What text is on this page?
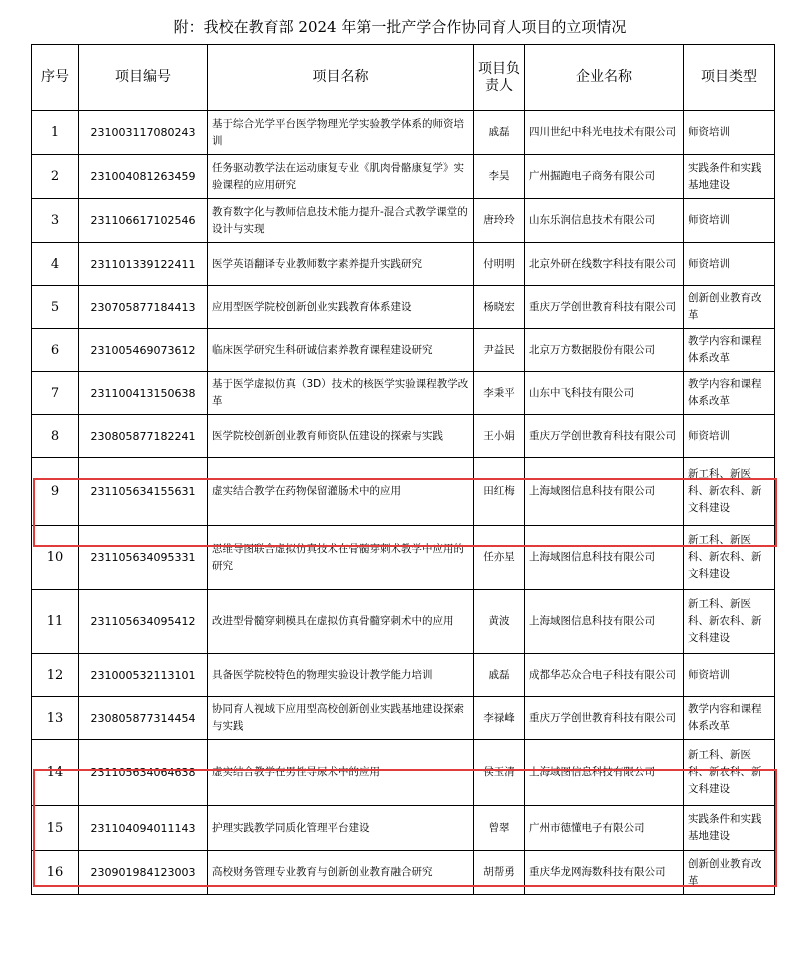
附：我校在教育部 2024 年第一批产学合作协同育人项目的立项情况
序号	项目编号	项目名称	项目负责人	企业名称	项目类型
1	231003117080243	基于综合光学平台医学物理光学实验教学体系的师资培训	戚磊	四川世纪中科光电技术有限公司	师资培训
2	231004081263459	任务驱动教学法在运动康复专业《肌肉骨骼康复学》实验课程的应用研究	李昊	广州掘跑电子商务有限公司	实践条件和实践基地建设
3	231106617102546	教育数字化与教师信息技术能力提升-混合式教学课堂的设计与实现	唐玲玲	山东乐润信息技术有限公司	师资培训
4	231101339122411	医学英语翻译专业教师数字素养提升实践研究	付明明	北京外研在线数字科技有限公司	师资培训
5	230705877184413	应用型医学院校创新创业实践教育体系建设	杨晓宏	重庆万学创世教育科技有限公司	创新创业教育改革
6	231005469073612	临床医学研究生科研诚信素养教育课程建设研究	尹益民	北京万方数据股份有限公司	教学内容和课程体系改革
7	231100413150638	基于医学虚拟仿真（3D）技术的核医学实验课程教学改革	李秉平	山东中飞科技有限公司	教学内容和课程体系改革
8	230805877182241	医学院校创新创业教育师资队伍建设的探索与实践	王小娟	重庆万学创世教育科技有限公司	师资培训
9	231105634155631	虚实结合教学在药物保留灌肠术中的应用	田红梅	上海域图信息科技有限公司	新工科、新医科、新农科、新文科建设
10	231105634095331	思维导图联合虚拟仿真技术在骨髓穿刺术教学中应用的研究	任亦星	上海域图信息科技有限公司	新工科、新医科、新农科、新文科建设
11	231105634095412	改进型骨髓穿刺模具在虚拟仿真骨髓穿刺术中的应用	黄波	上海域图信息科技有限公司	新工科、新医科、新农科、新文科建设
12	231000532113101	具备医学院校特色的物理实验设计教学能力培训	戚磊	成都华芯众合电子科技有限公司	师资培训
13	230805877314454	协同育人视域下应用型高校创新创业实践基地建设探索与实践	李禄峰	重庆万学创世教育科技有限公司	教学内容和课程体系改革
14	231105634064638	虚实结合教学在男性导尿术中的应用	侯玉清	上海域图信息科技有限公司	新工科、新医科、新农科、新文科建设
15	231104094011143	护理实践教学同质化管理平台建设	曾翠	广州市德懂电子有限公司	实践条件和实践基地建设
16	230901984123003	高校财务管理专业教育与创新创业教育融合研究	胡帮勇	重庆华龙网海数科技有限公司	创新创业教育改革
